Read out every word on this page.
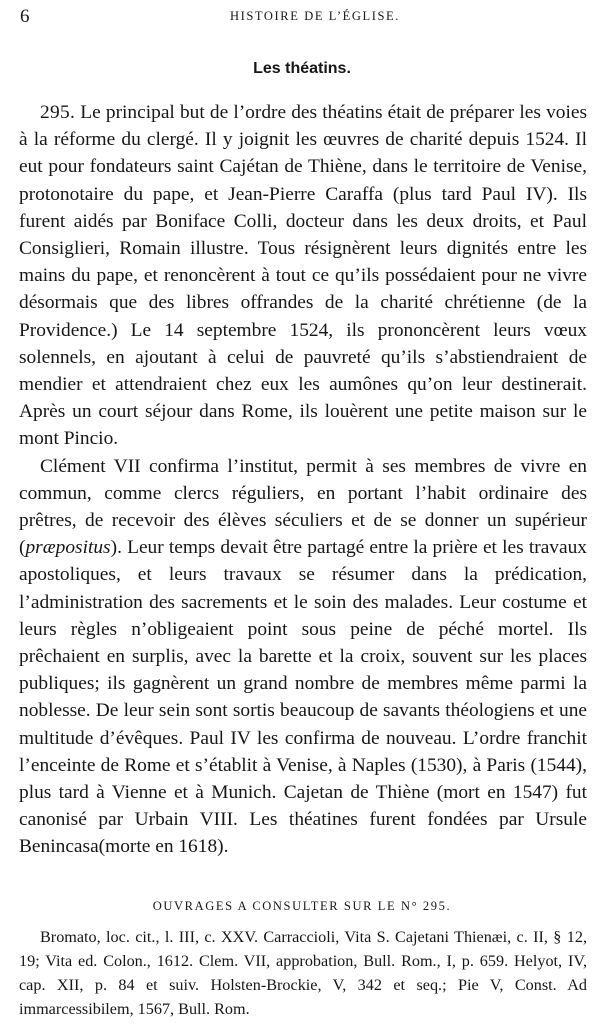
6	HISTOIRE DE L’ÉGLISE.
Les théatins.

295. Le principal but de l’ordre des théatins était de préparer les voies à la réforme du clergé. Il y joignit les œuvres de charité depuis 1524. Il eut pour fondateurs saint Cajétan de Thiène, dans le territoire de Venise, protonotaire du pape, et Jean-Pierre Caraffa (plus tard Paul IV). Ils furent aidés par Boniface Colli, docteur dans les deux droits, et Paul Consiglieri, Romain illustre. Tous résignèrent leurs dignités entre les mains du pape, et renoncèrent à tout ce qu’ils possédaient pour ne vivre désormais que des libres offrandes de la charité chrétienne (de la Providence.) Le 14 septembre 1524, ils prononcèrent leurs vœux solennels, en ajoutant à celui de pauvreté qu’ils s’abstiendraient de mendier et attendraient chez eux les aumônes qu’on leur destinerait. Après un court séjour dans Rome, ils louèrent une petite maison sur le mont Pincio.

Clément VII confirma l’institut, permit à ses membres de vivre en commun, comme clercs réguliers, en portant l’habit ordinaire des prêtres, de recevoir des élèves séculiers et de se donner un supérieur (præpositus). Leur temps devait être partagé entre la prière et les travaux apostoliques, et leurs travaux se résumer dans la prédication, l’administration des sacrements et le soin des malades. Leur costume et leurs règles n’obligeaient point sous peine de péché mortel. Ils prêchaient en surplis, avec la barette et la croix, souvent sur les places publiques; ils gagnèrent un grand nombre de membres même parmi la noblesse. De leur sein sont sortis beaucoup de savants théologiens et une multitude d’évêques. Paul IV les confirma de nouveau. L’ordre franchit l’enceinte de Rome et s’établit à Venise, à Naples (1530), à Paris (1544), plus tard à Vienne et à Munich. Cajetan de Thiène (mort en 1547) fut canonisé par Urbain VIII. Les théatines furent fondées par Ursule Benincasa(morte en 1618).

OUVRAGES A CONSULTER SUR LE N° 295.

Bromato, loc. cit., l. III, c. XXV. Carraccioli, Vita S. Cajetani Thienæi, c. II, § 12, 19; Vita ed. Colon., 1612. Clem. VII, approbation, Bull. Rom., I, p. 659. Helyot, IV, cap. XII, p. 84 et suiv. Holsten-Brockie, V, 342 et seq.; Pie V, Const. Ad immarcessibilem, 1567, Bull. Rom.
